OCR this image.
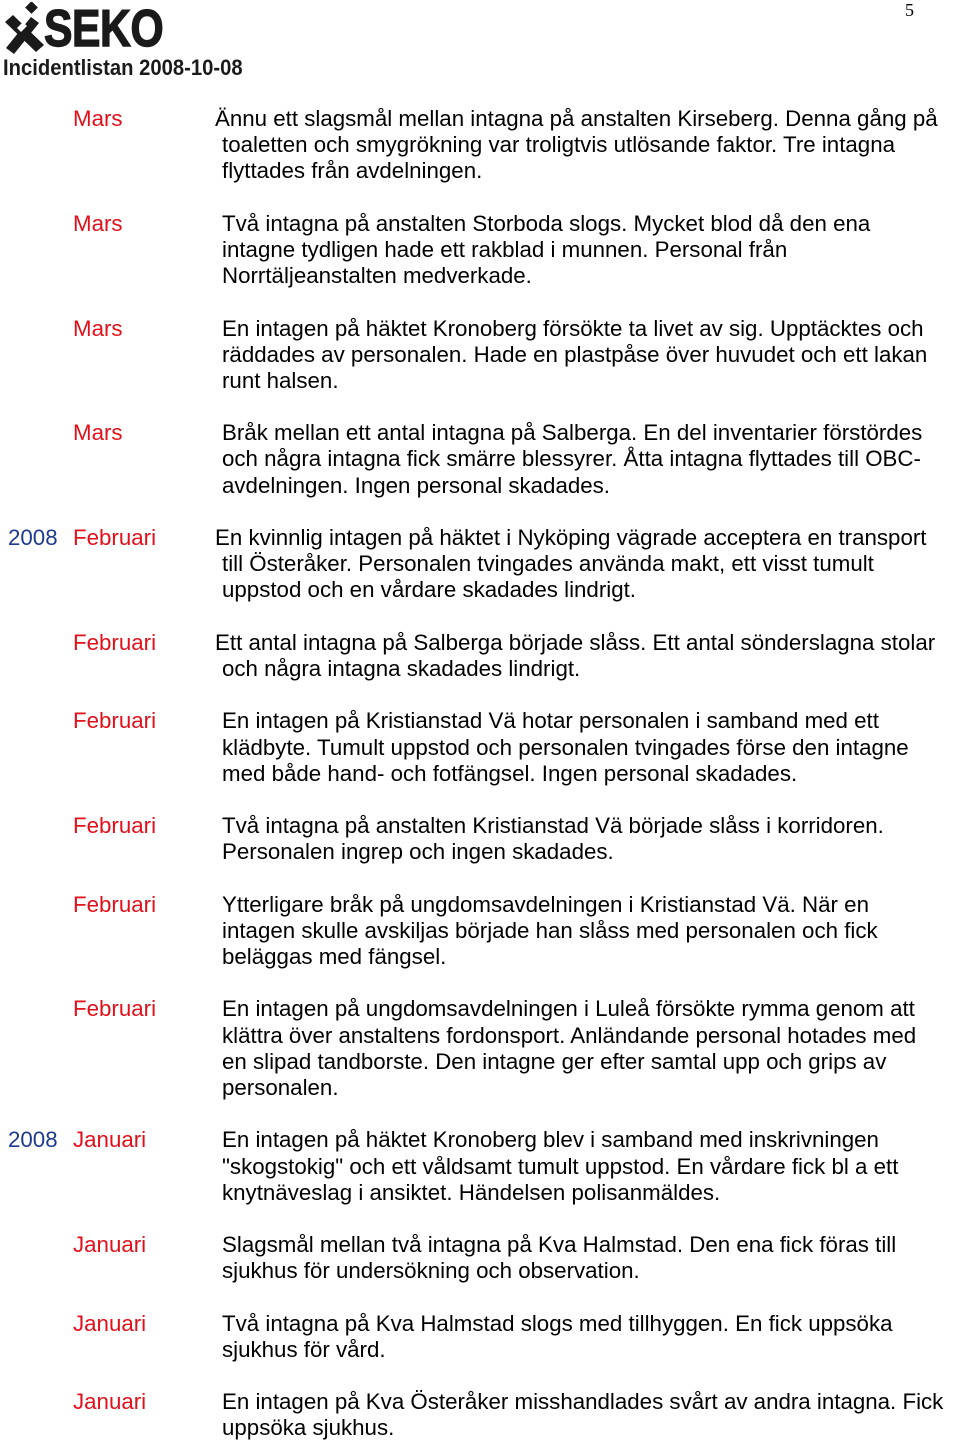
SEKO
Incidentlistan 2008-10-08
5
Mars	Ännu ett slagsmål mellan intagna på anstalten Kirseberg. Denna gång på
toaletten och smygrökning var troligtvis utlösande faktor. Tre intagna
flyttades från avdelningen.
Mars	Två intagna på anstalten Storboda slogs. Mycket blod då den ena
intagne tydligen hade ett rakblad i munnen. Personal från
Norrtäljeanstalten medverkade.
Mars	En intagen på häktet Kronoberg försökte ta livet av sig. Upptäcktes och
räddades av personalen. Hade en plastpåse över huvudet och ett lakan
runt halsen.
Mars	Bråk mellan ett antal intagna på Salberga. En del inventarier förstördes
och några intagna fick smärre blessyrer. Åtta intagna flyttades till OBC-
avdelningen. Ingen personal skadades.
2008 Februari	En kvinnlig intagen på häktet i Nyköping vägrade acceptera en transport
till Österåker. Personalen tvingades använda makt, ett visst tumult
uppstod och en vårdare skadades lindrigt.
Februari	Ett antal intagna på Salberga började slåss. Ett antal sönderslagna stolar
och några intagna skadades lindrigt.
Februari	En intagen på Kristianstad Vä hotar personalen i samband med ett
klädbyte. Tumult uppstod och personalen tvingades förse den intagne
med både hand- och fotfängsel. Ingen personal skadades.
Februari	Två intagna på anstalten Kristianstad Vä började slåss i korridoren.
Personalen ingrep och ingen skadades.
Februari	Ytterligare bråk på ungdomsavdelningen i Kristianstad Vä. När en
intagen skulle avskiljas började han slåss med personalen och fick
beläggas med fängsel.
Februari	En intagen på ungdomsavdelningen i Luleå försökte rymma genom att
klättra över anstaltens fordonsport. Anländande personal hotades med
en slipad tandborste. Den intagne ger efter samtal upp och grips av
personalen.
2008 Januari	En intagen på häktet Kronoberg blev i samband med inskrivningen
"skogstokig" och ett våldsamt tumult uppstod. En vårdare fick bl a ett
knytnäveslag i ansiktet. Händelsen polisanmäldes.
Januari	Slagsmål mellan två intagna på Kva Halmstad. Den ena fick föras till
sjukhus för undersökning och observation.
Januari	Två intagna på Kva Halmstad slogs med tillhyggen. En fick uppsöka
sjukhus för vård.
Januari	En intagen på Kva Österåker misshandlades svårt av andra intagna. Fick
uppsöka sjukhus.
